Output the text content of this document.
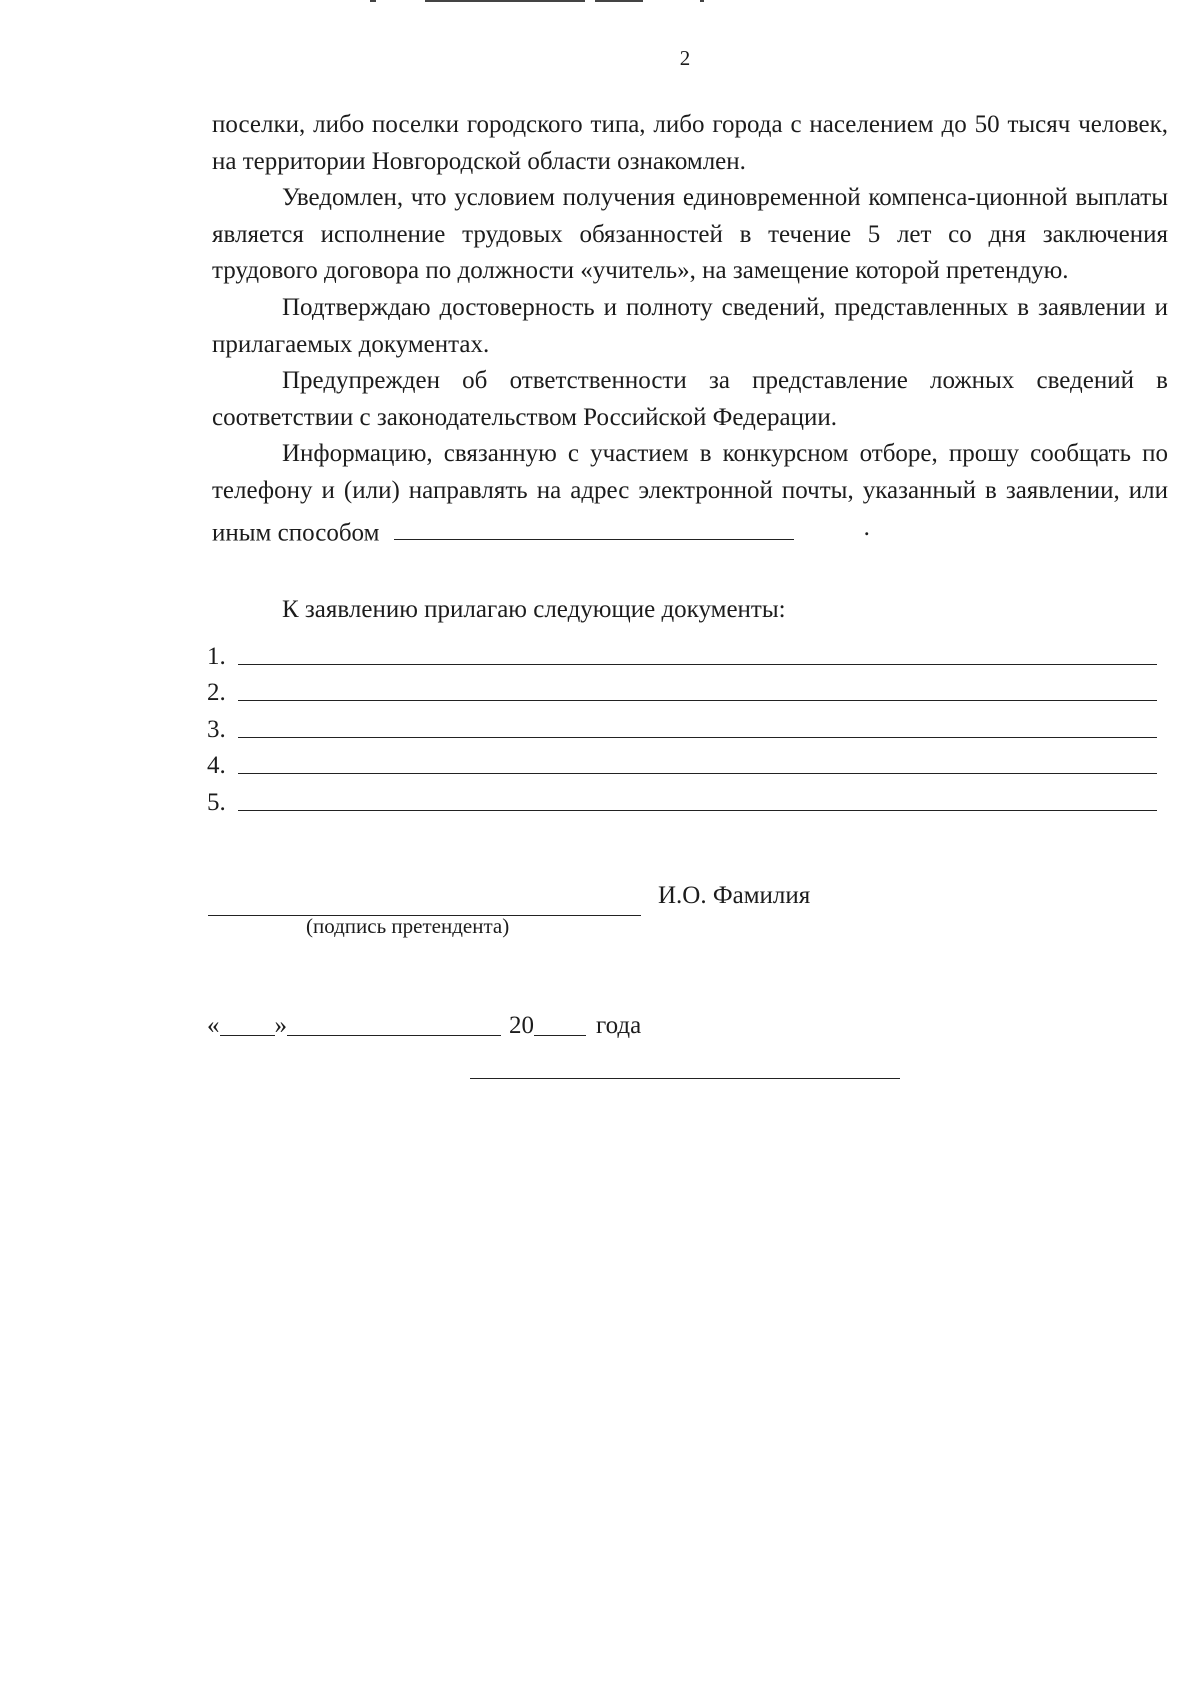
2

поселки, либо поселки городского типа, либо города с населением до 50 тысяч человек, на территории Новгородской области ознакомлен.

Уведомлен, что условием получения единовременной компенса-ционной выплаты является исполнение трудовых обязанностей в течение 5 лет со дня заключения трудового договора по должности «учитель», на замещение которой претендую.

Подтверждаю достоверность и полноту сведений, представленных в заявлении и прилагаемых документах.

Предупрежден об ответственности за представление ложных сведений в соответствии с законодательством Российской Федерации.

Информацию, связанную с участием в конкурсном отборе, прошу сообщать по телефону и (или) направлять на адрес электронной почты, указанный в заявлении, или иным способом	.

К заявлению прилагаю следующие документы:
1.
2.
3.
4.
5.
И.О. Фамилия
(подпись претендента)
« »	20 года
